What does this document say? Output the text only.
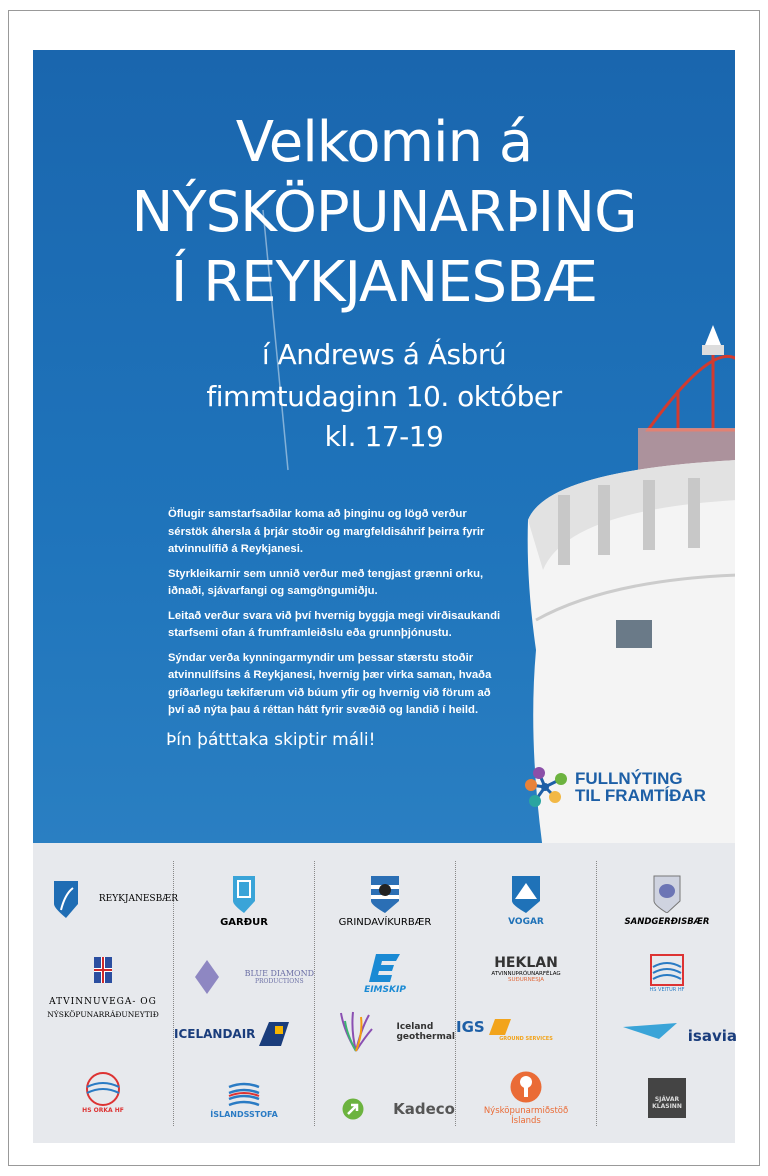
Velkomin á
NÝSKÖPUNARÞING
Í REYKJANESBÆ
í Andrews á Ásbrú
fimmtudaginn 10. október
kl. 17-19

Öflugir samstarfsaðilar koma að þinginu og lögð verður sérstök áhersla á þrjár stoðir og margfeldisáhrif þeirra fyrir atvinnulífið á Reykjanesi.

Styrkleikarnir sem unnið verður með tengjast grænni orku, iðnaði, sjávarfangi og samgöngumiðju.

Leitað verður svara við því hvernig byggja megi virðisaukandi starfsemi ofan á frumframleiðslu eða grunnþjónustu.

Sýndar verða kynningarmyndir um þessar stærstu stoðir atvinnulífsins á Reykjanesi, hvernig þær virka saman, hvaða gríðarlegu tækifærum við búum yfir og hvernig við förum að því að nýta þau á réttan hátt fyrir svæðið og landið í heild.

Þín þátttaka skiptir máli!
FULLNÝTING
TIL FRAMTÍÐAR
REYKJANESBÆR
GARÐUR	GRINDAVÍKURBÆR	VOGAR	SANDGERÐISBÆR
ATVINNUVEGA- OG
NÝSKÖPUNARRÁÐUNEYTIÐ
BLUE DIAMOND
PRODUCTIONS
EIMSKIP
HEKLAN
ATVINNUÞRÓUNARFÉLAG
SUÐURNESJA
HS VEITUR HF
ICELANDAIR	Iceland
geothermal
IGS
GROUND SERVICES	isavia
HS ORKA HF	ÍSLANDSSTOFA	Kadeco	Nýsköpunarmiðstöð
Íslands
SJÁVAR
KLASINN
